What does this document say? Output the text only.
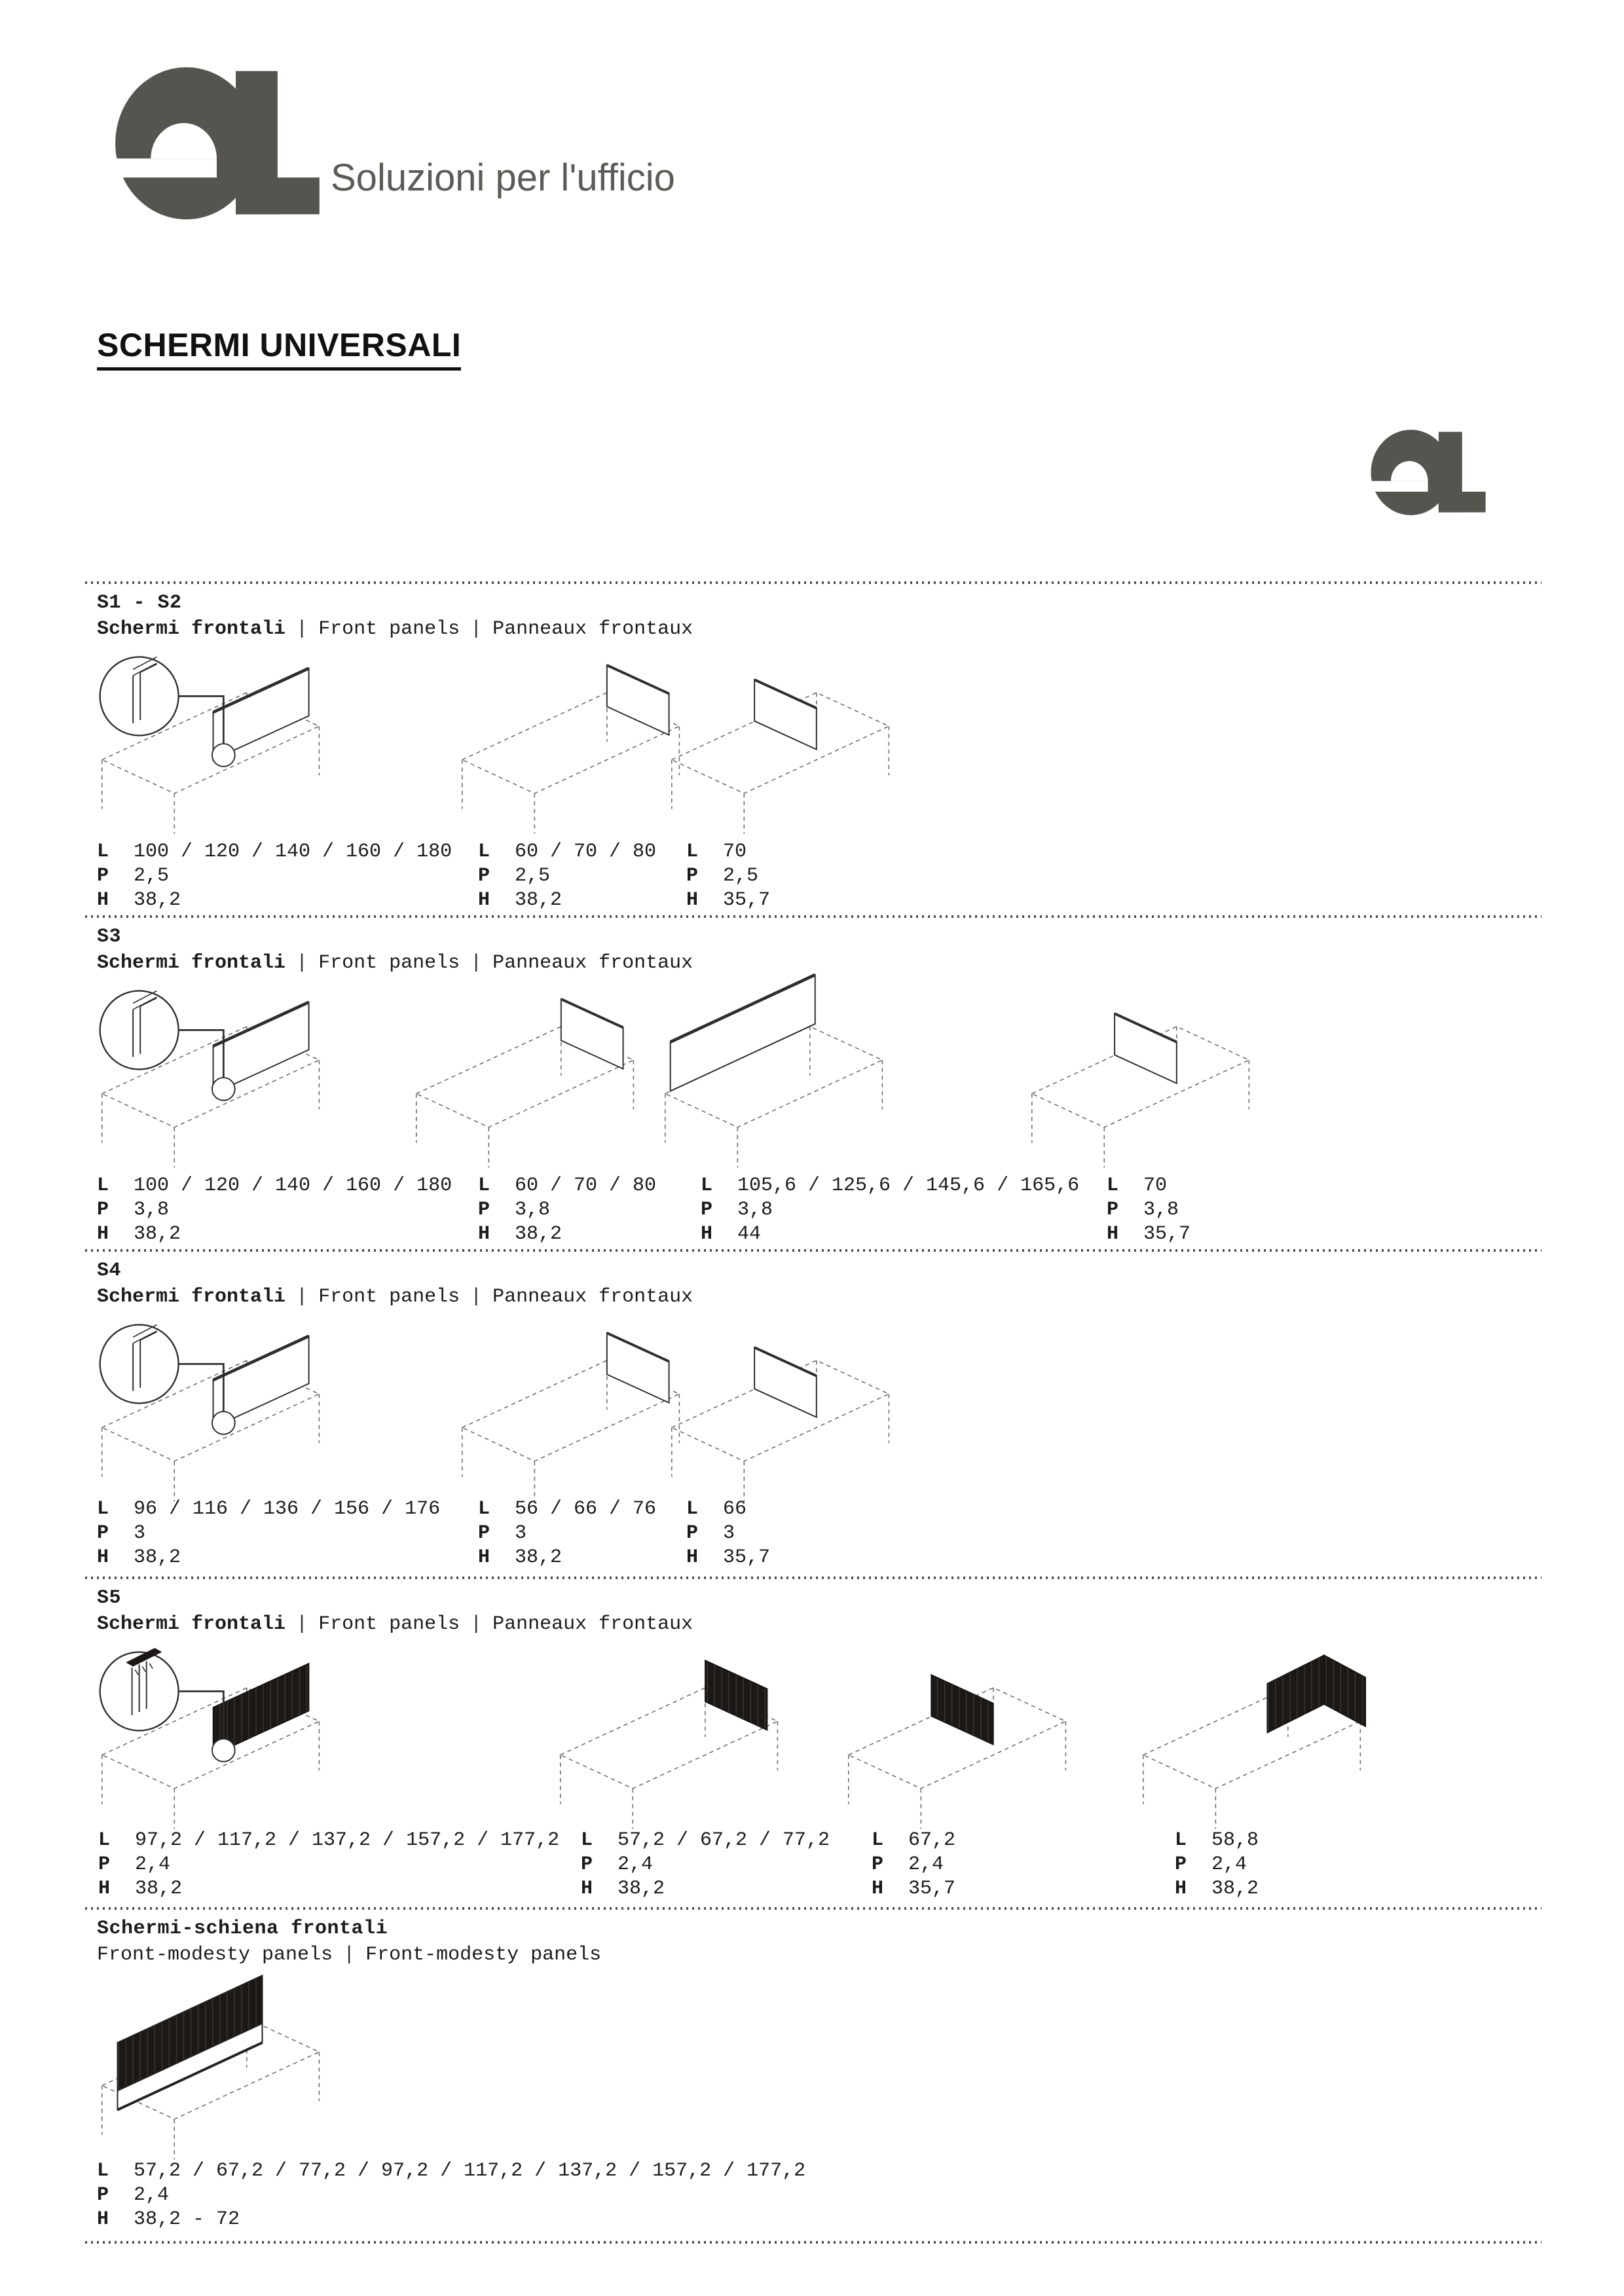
Soluzioni per l'ufficio
SCHERMI UNIVERSALI
S1 - S2
Schermi frontali | Front panels | Panneaux frontaux
L 100 / 120 / 140 / 160 / 180
P 2,5
H 38,2
L 60 / 70 / 80
P 2,5
H 38,2
L 70
P 2,5
H 35,7
S3
Schermi frontali | Front panels | Panneaux frontaux
L 100 / 120 / 140 / 160 / 180
P 3,8
H 38,2
L 60 / 70 / 80
P 3,8
H 38,2
L 105,6 / 125,6 / 145,6 / 165,6
P 3,8
H 44
L 70
P 3,8
H 35,7
S4
Schermi frontali | Front panels | Panneaux frontaux
L 96 / 116 / 136 / 156 / 176
P 3
H 38,2
L 56 / 66 / 76
P 3
H 38,2
L 66
P 3
H 35,7
S5
Schermi frontali | Front panels | Panneaux frontaux
L 97,2 / 117,2 / 137,2 / 157,2 / 177,2
P 2,4
H 38,2
L 57,2 / 67,2 / 77,2
P 2,4
H 38,2
L 67,2
P 2,4
H 35,7
L 58,8
P 2,4
H 38,2
Schermi-schiena frontali
Front-modesty panels | Front-modesty panels
L 57,2 / 67,2 / 77,2 / 97,2 / 117,2 / 137,2 / 157,2 / 177,2
P 2,4
H 38,2 - 72
